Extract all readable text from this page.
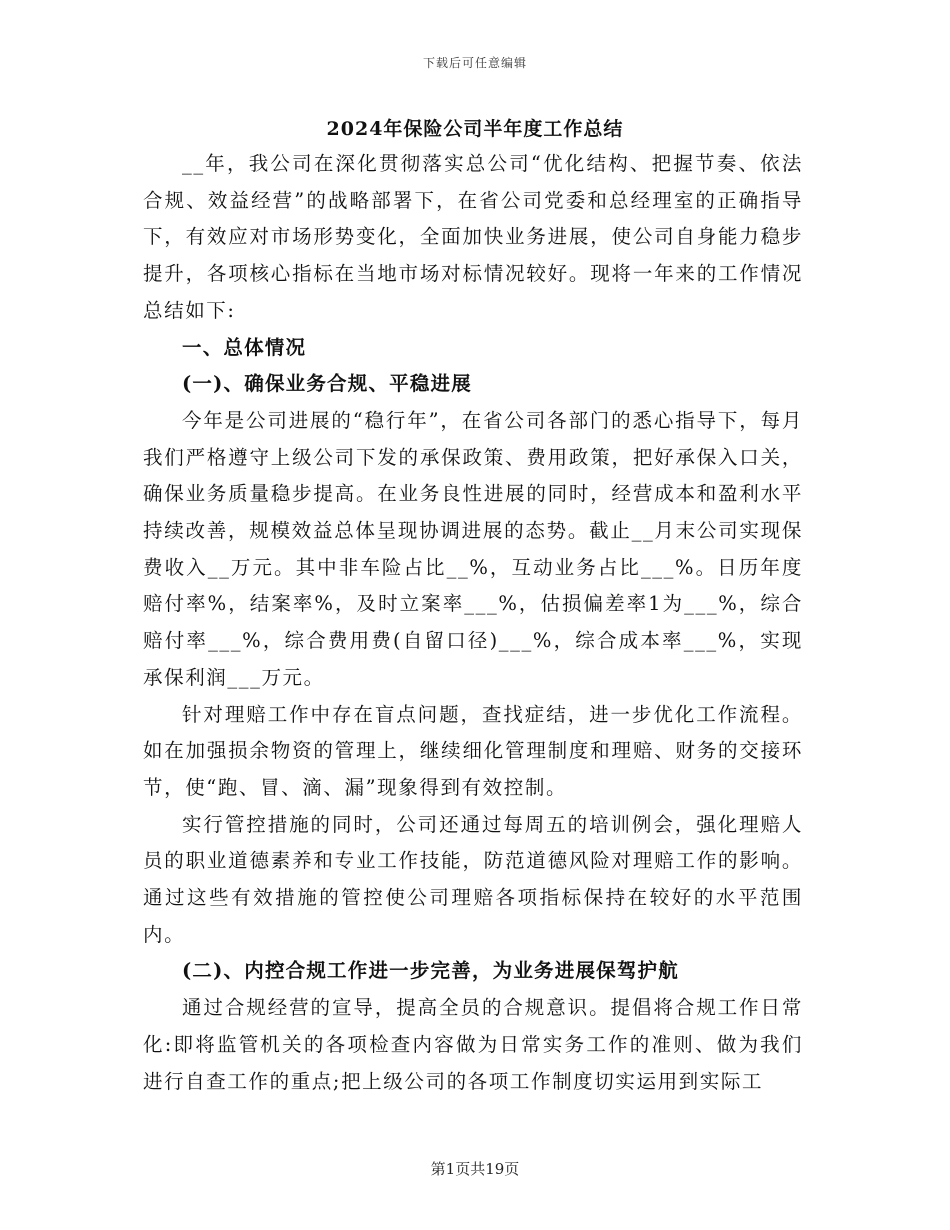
下载后可任意编辑
2024年保险公司半年度工作总结

__年，我公司在深化贯彻落实总公司“优化结构、把握节奏、依法合规、效益经营”的战略部署下，在省公司党委和总经理室的正确指导下，有效应对市场形势变化，全面加快业务进展，使公司自身能力稳步提升，各项核心指标在当地市场对标情况较好。现将一年来的工作情况总结如下:

一、总体情况
(一)、确保业务合规、平稳进展

今年是公司进展的“稳行年”，在省公司各部门的悉心指导下，每月我们严格遵守上级公司下发的承保政策、费用政策，把好承保入口关，确保业务质量稳步提高。在业务良性进展的同时，经营成本和盈利水平持续改善，规模效益总体呈现协调进展的态势。截止__月末公司实现保费收入__万元。其中非车险占比__%，互动业务占比___%。日历年度赔付率%，结案率%，及时立案率___%，估损偏差率1为___%，综合赔付率___%，综合费用费(自留口径)___%，综合成本率___%，实现承保利润___万元。

针对理赔工作中存在盲点问题，查找症结，进一步优化工作流程。如在加强损余物资的管理上，继续细化管理制度和理赔、财务的交接环节，使“跑、冒、滴、漏”现象得到有效控制。

实行管控措施的同时，公司还通过每周五的培训例会，强化理赔人员的职业道德素养和专业工作技能，防范道德风险对理赔工作的影响。通过这些有效措施的管控使公司理赔各项指标保持在较好的水平范围内。

(二)、内控合规工作进一步完善，为业务进展保驾护航

通过合规经营的宣导，提高全员的合规意识。提倡将合规工作日常化:即将监管机关的各项检查内容做为日常实务工作的准则、做为我们进行自查工作的重点;把上级公司的各项工作制度切实运用到实际工

第1页共19页
